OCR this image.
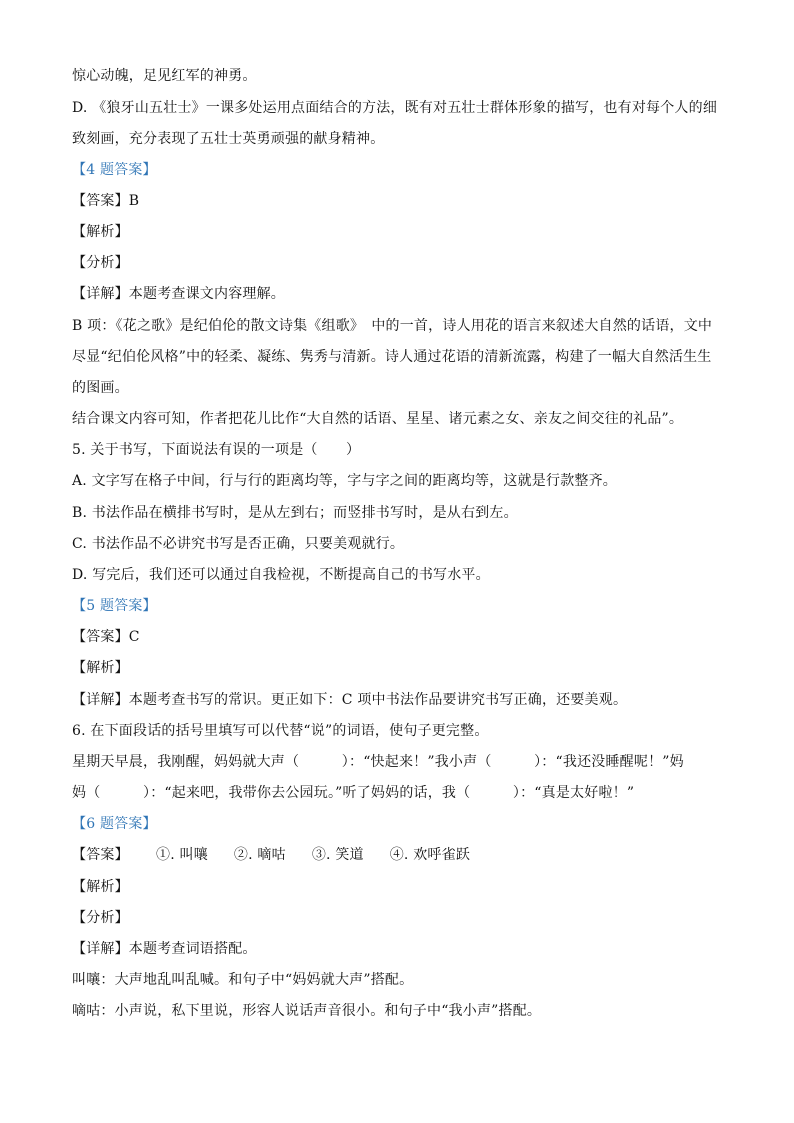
惊心动魄，足见红军的神勇。
D. 《狼牙山五壮士》一课多处运用点面结合的方法，既有对五壮士群体形象的描写，也有对每个人的细
致刻画，充分表现了五壮士英勇顽强的献身精神。
【4 题答案】
【答案】B
【解析】
【分析】
【详解】本题考查课文内容理解。
B 项：《花之歌》是纪伯伦的散文诗集《组歌》　中的一首，诗人用花的语言来叙述大自然的话语，文中
尽显“纪伯伦风格”中的轻柔、凝练、隽秀与清新。诗人通过花语的清新流露，构建了一幅大自然活生生
的图画。
结合课文内容可知，作者把花儿比作“大自然的话语、星星、诸元素之女、亲友之间交往的礼品”。
5. 关于书写，下面说法有误的一项是（　　）
A. 文字写在格子中间，行与行的距离均等，字与字之间的距离均等，这就是行款整齐。
B. 书法作品在横排书写时，是从左到右；而竖排书写时，是从右到左。
C. 书法作品不必讲究书写是否正确，只要美观就行。
D. 写完后，我们还可以通过自我检视，不断提高自己的书写水平。
【5 题答案】
【答案】C
【解析】
【详解】本题考查书写的常识。更正如下：C 项中书法作品要讲究书写正确，还要美观。
6. 在下面段话的括号里填写可以代替“说”的词语，使句子更完整。
星期天早晨，我刚醒，妈妈就大声（　　　）：“快起来！”我小声（　　　）：“我还没睡醒呢！”妈
妈（　　　）：“起来吧，我带你去公园玩。”听了妈妈的话，我（　　　）：“真是太好啦！”
【6 题答案】
【答案】 ①. 叫嚷 ②. 嘀咕 ③. 笑道 ④. 欢呼雀跃
【解析】
【分析】
【详解】本题考查词语搭配。
叫嚷：大声地乱叫乱喊。和句子中“妈妈就大声”搭配。
嘀咕：小声说，私下里说，形容人说话声音很小。和句子中“我小声”搭配。
